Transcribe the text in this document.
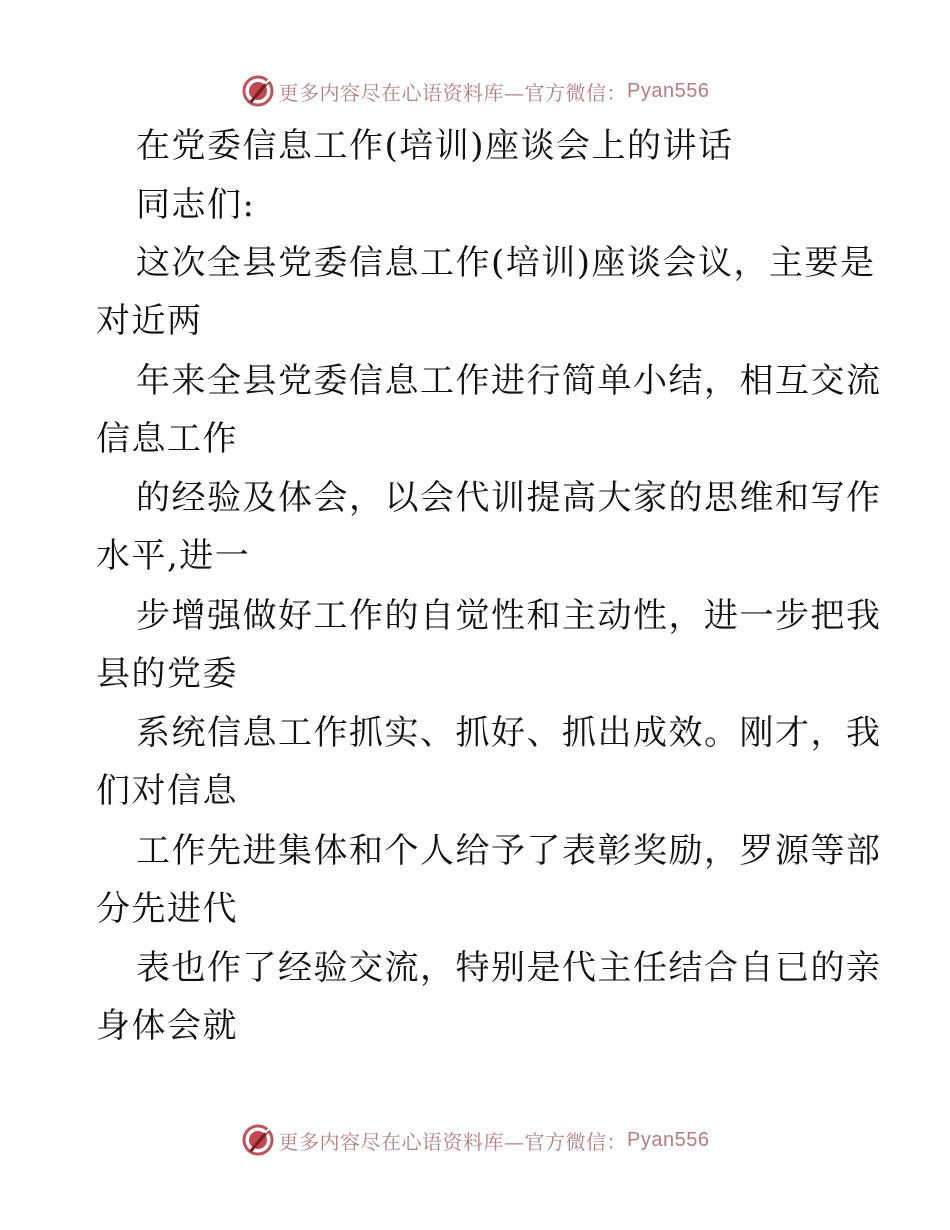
更多内容尽在心语资料库—官方微信： Pyan556
在党委信息工作(培训)座谈会上的讲话
同志们:
这次全县党委信息工作(培训)座谈会议，主要是
对近两
年来全县党委信息工作进行简单小结，相互交流
信息工作
的经验及体会，以会代训提高大家的思维和写作
水平,进一
步增强做好工作的自觉性和主动性，进一步把我
县的党委
系统信息工作抓实、抓好、抓出成效。刚才，我
们对信息
工作先进集体和个人给予了表彰奖励，罗源等部
分先进代
表也作了经验交流，特别是代主任结合自已的亲
身体会就
更多内容尽在心语资料库—官方微信： Pyan556
